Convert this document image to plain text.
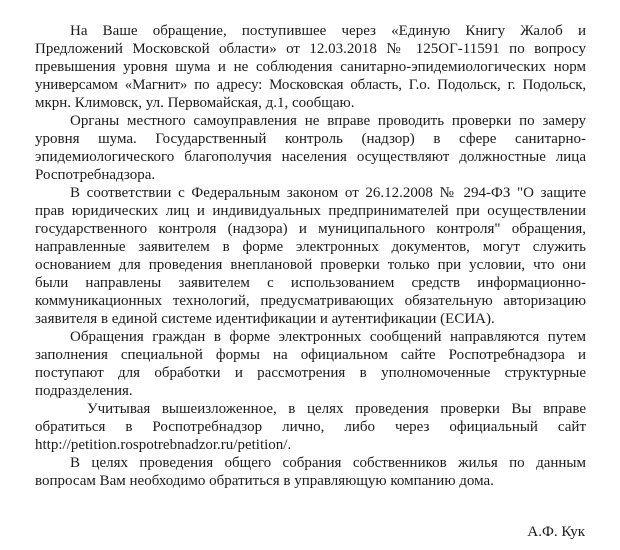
На Ваше обращение, поступившее через «Единую Книгу Жалоб и
Предложений Московской области» от 12.03.2018 № 125ОГ-11591 по вопросу
превышения уровня шума и не соблюдения санитарно-эпидемиологических норм
универсамом «Магнит» по адресу: Московская область, Г.о. Подольск, г. Подольск,
мкрн. Климовск, ул. Первомайская, д.1, сообщаю.
Органы местного самоуправления не вправе проводить проверки по замеру
уровня шума. Государственный контроль (надзор) в сфере санитарно-
эпидемиологического благополучия населения осуществляют должностные лица
Роспотребнадзора.
В соответствии с Федеральным законом от 26.12.2008 № 294-ФЗ "О защите
прав юридических лиц и индивидуальных предпринимателей при осуществлении
государственного контроля (надзора) и муниципального контроля" обращения,
направленные заявителем в форме электронных документов, могут служить
основанием для проведения внеплановой проверки только при условии, что они
были направлены заявителем с использованием средств информационно-
коммуникационных технологий, предусматривающих обязательную авторизацию
заявителя в единой системе идентификации и аутентификации (ЕСИА).
Обращения граждан в форме электронных сообщений направляются путем
заполнения специальной формы на официальном сайте Роспотребнадзора и
поступают для обработки и рассмотрения в уполномоченные структурные
подразделения.
Учитывая вышеизложенное, в целях проведения проверки Вы вправе
обратиться в Роспотребнадзор лично, либо через официальный сайт
http://petition.rospotrebnadzor.ru/petition/.
В целях проведения общего собрания собственников жилья по данным
вопросам Вам необходимо обратиться в управляющую компанию дома.
А.Ф. Кук
